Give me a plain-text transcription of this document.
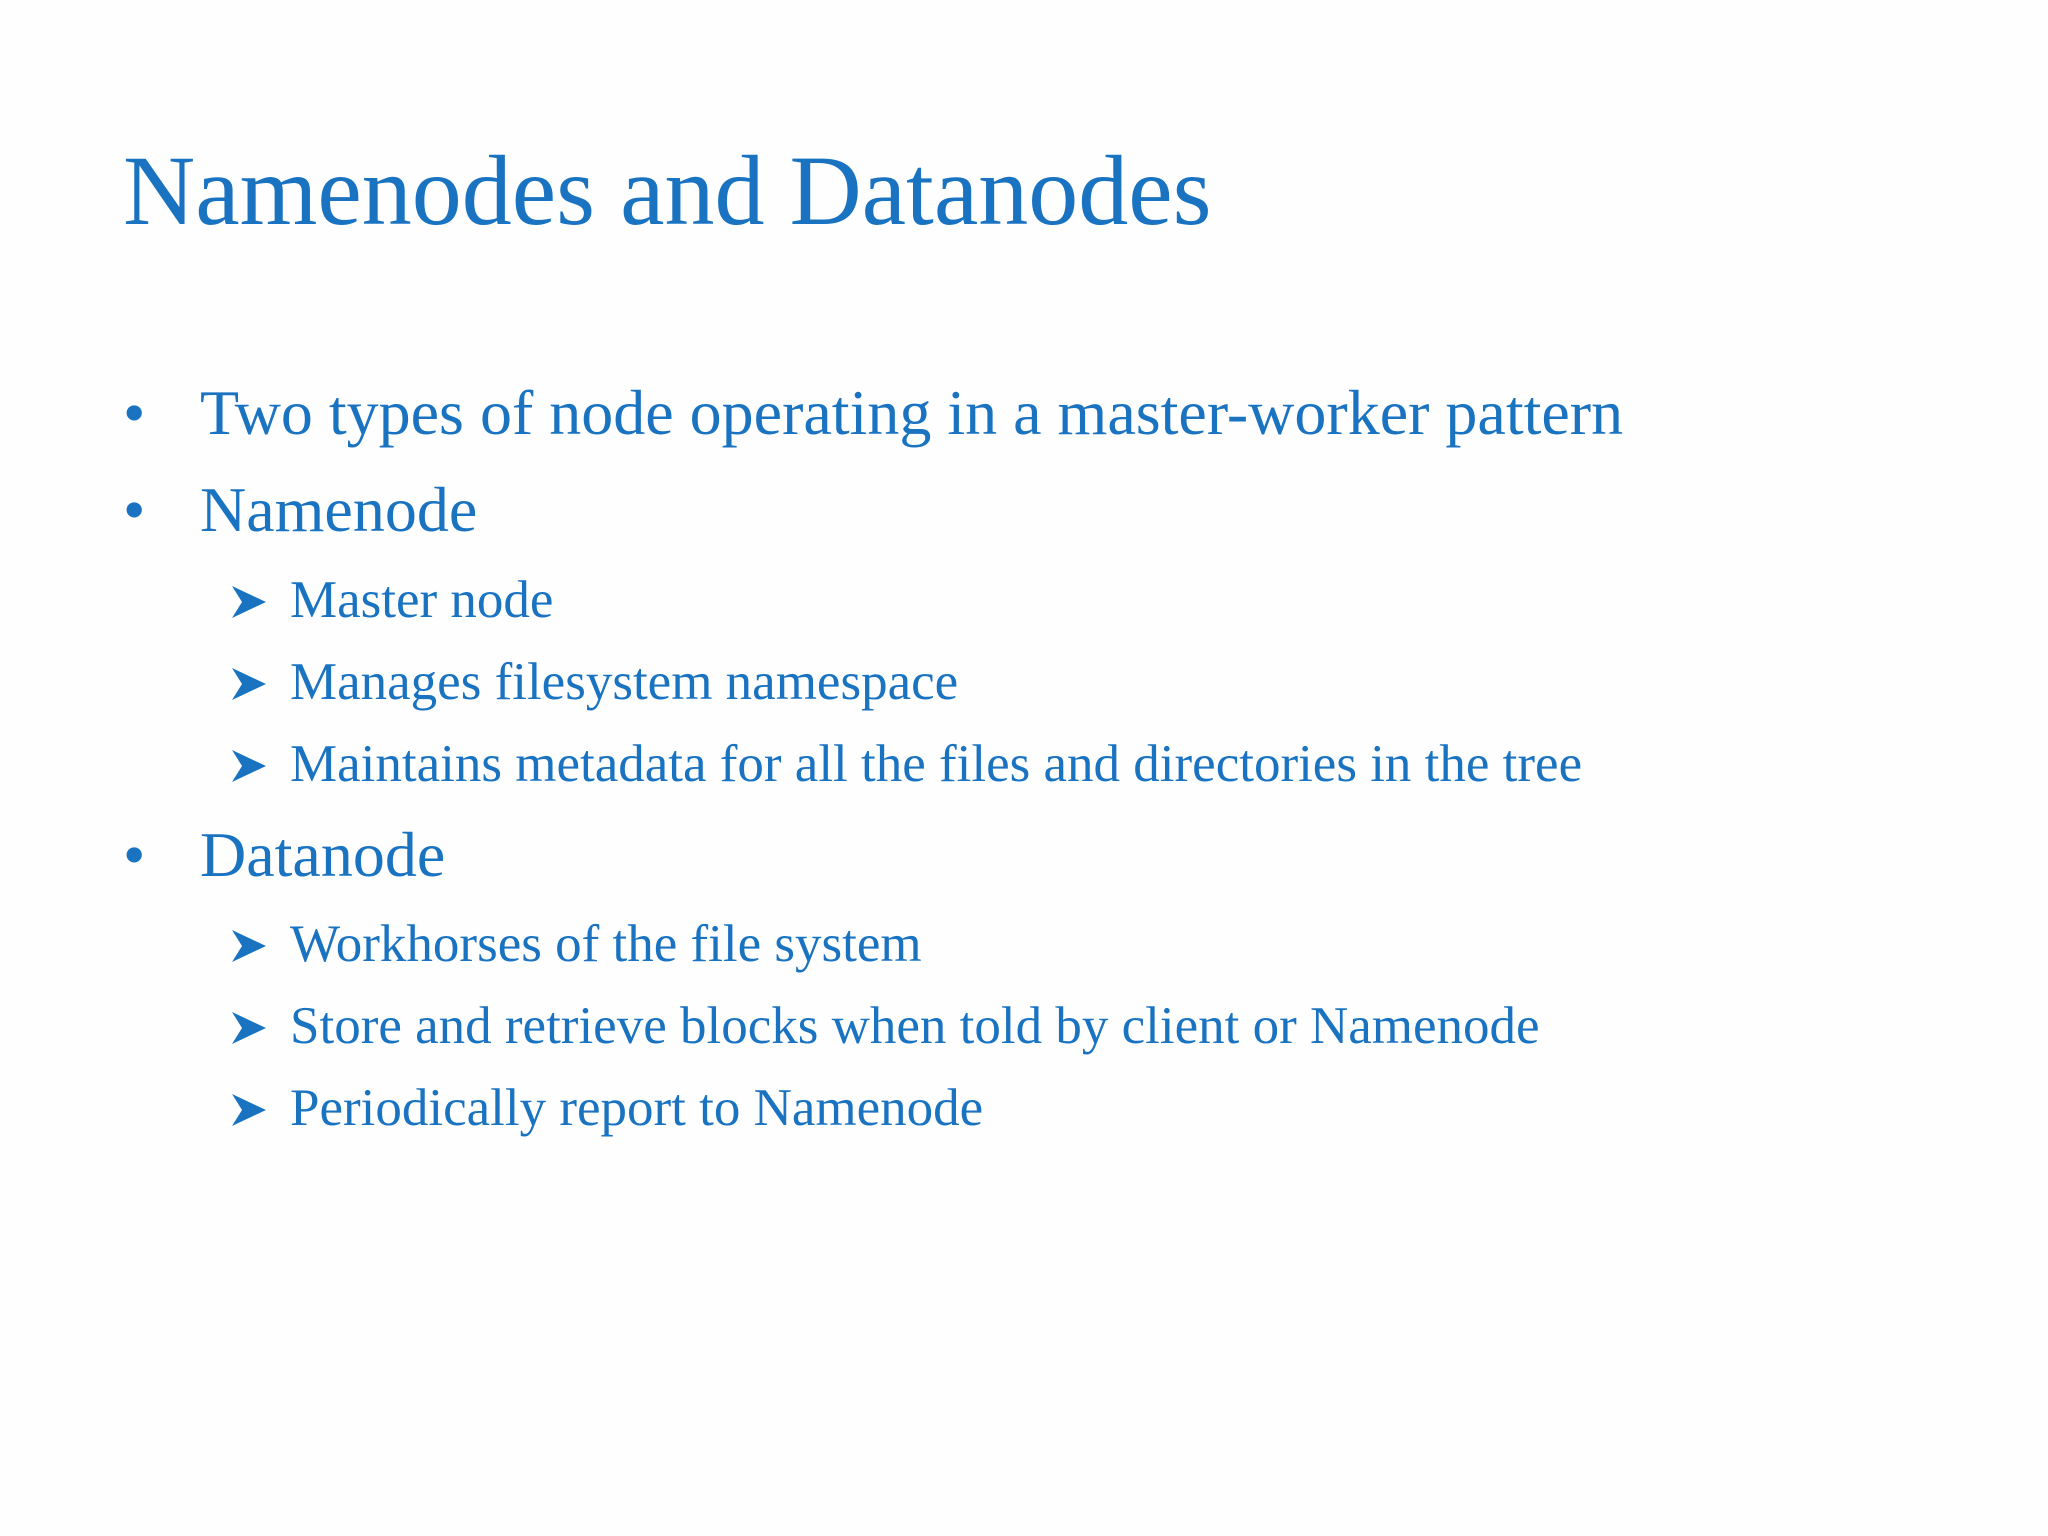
Namenodes and Datanodes
• Two types of node operating in a master-worker pattern
• Namenode
Master node
Manages filesystem namespace
Maintains metadata for all the files and directories in the tree
• Datanode
Workhorses of the file system
Store and retrieve blocks when told by client or Namenode
Periodically report to Namenode
